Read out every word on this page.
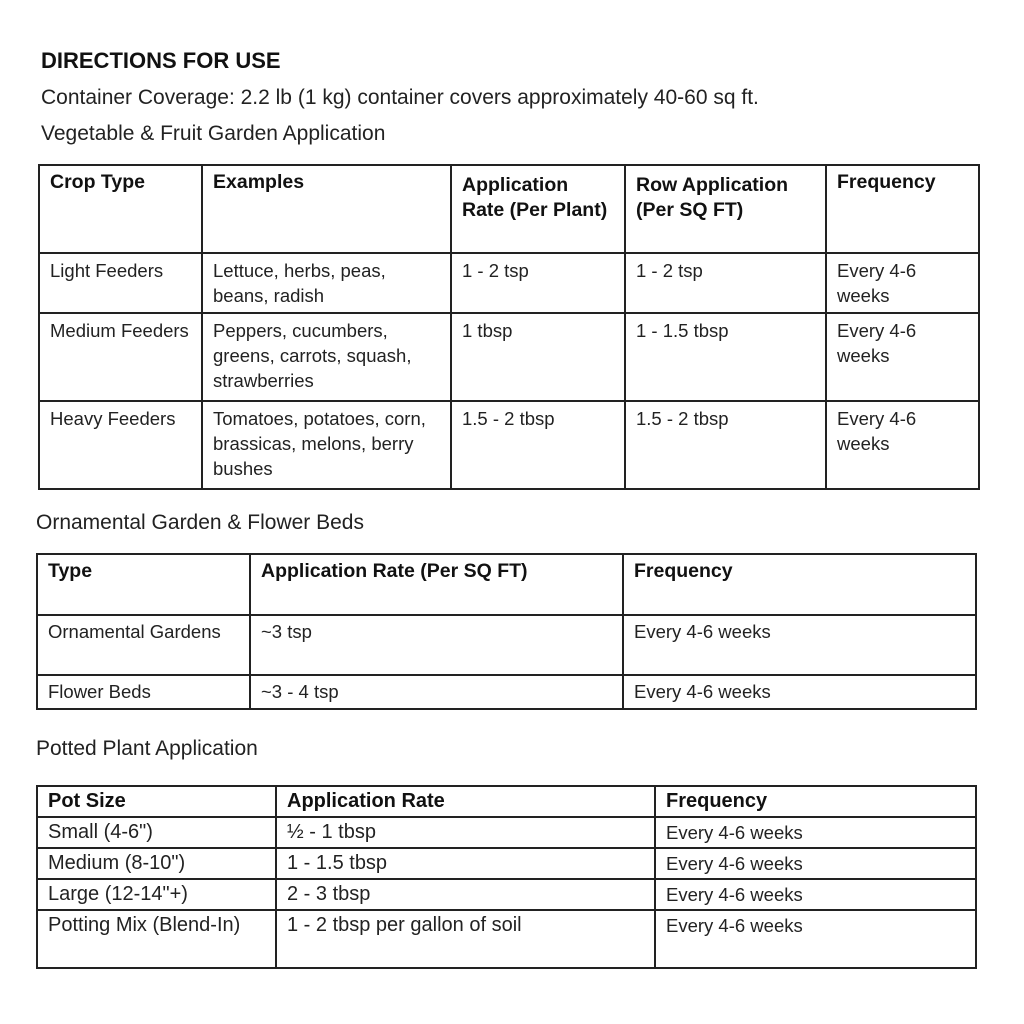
DIRECTIONS FOR USE
Container Coverage: 2.2 lb (1 kg) container covers approximately 40-60 sq ft.
Vegetable & Fruit Garden Application
Crop Type	Examples	Application Rate (Per Plant)	Row Application (Per SQ FT)	Frequency
Light Feeders	Lettuce, herbs, peas, beans, radish	1 - 2 tsp	1 - 2 tsp	Every 4-6 weeks
Medium Feeders	Peppers, cucumbers, greens, carrots, squash, strawberries	1 tbsp	1 - 1.5 tbsp	Every 4-6 weeks
Heavy Feeders	Tomatoes, potatoes, corn, brassicas, melons, berry bushes	1.5 - 2 tbsp	1.5 - 2 tbsp	Every 4-6 weeks
Ornamental Garden & Flower Beds
Type	Application Rate (Per SQ FT)	Frequency
Ornamental Gardens	~3 tsp	Every 4-6 weeks
Flower Beds	~3 - 4 tsp	Every 4-6 weeks
Potted Plant Application
Pot Size	Application Rate	Frequency
Small (4-6")	½ - 1 tbsp	Every 4-6 weeks
Medium (8-10")	1 - 1.5 tbsp	Every 4-6 weeks
Large (12-14"+)	2 - 3 tbsp	Every 4-6 weeks
Potting Mix (Blend-In)	1 - 2 tbsp per gallon of soil	Every 4-6 weeks
